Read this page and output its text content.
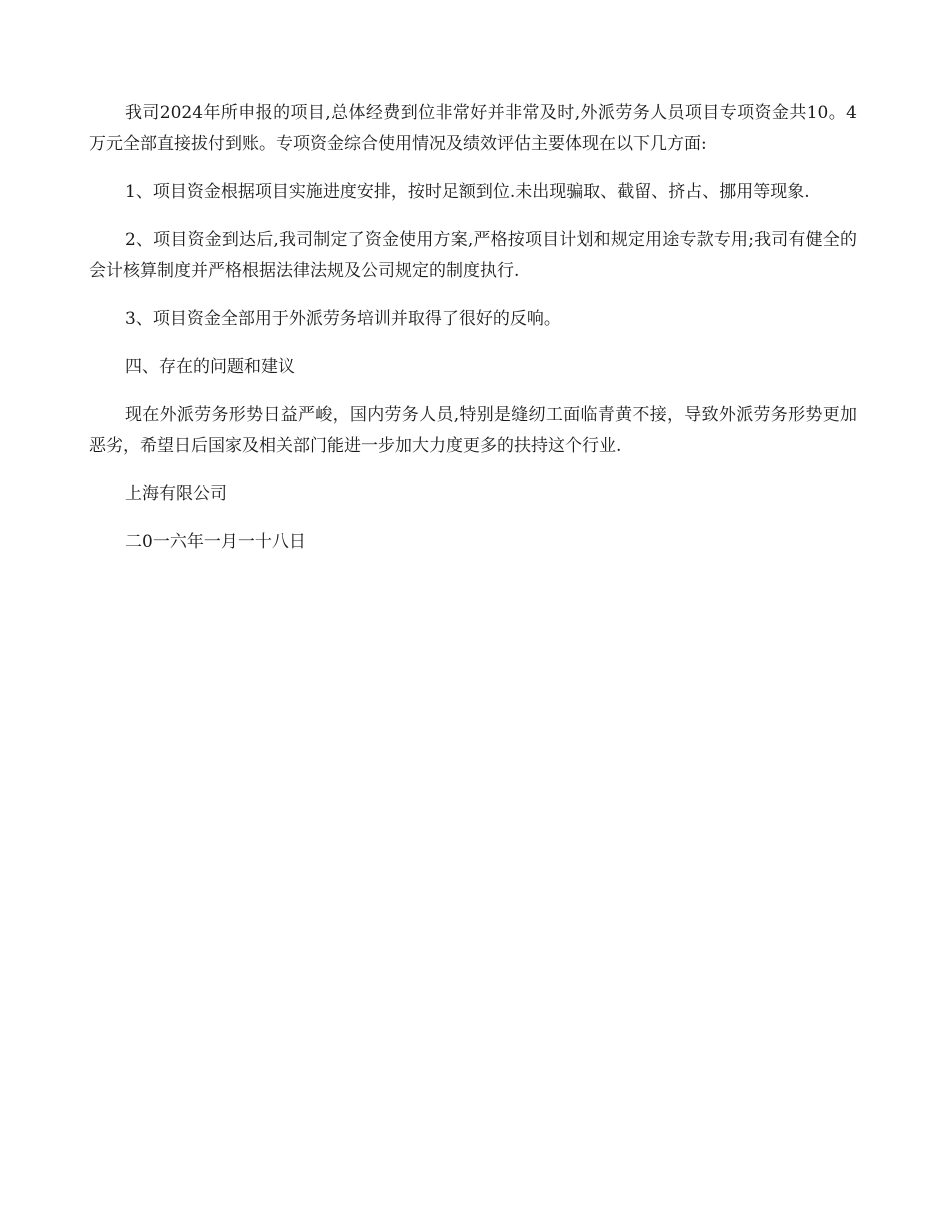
我司2024年所申报的项目,总体经费到位非常好并非常及时,外派劳务人员项目专项资金共10。4万元全部直接拔付到账。专项资金综合使用情况及绩效评估主要体现在以下几方面:

1、项目资金根据项目实施进度安排，按时足额到位.未出现骗取、截留、挤占、挪用等现象.

2、项目资金到达后,我司制定了资金使用方案,严格按项目计划和规定用途专款专用;我司有健全的会计核算制度并严格根据法律法规及公司规定的制度执行.

3、项目资金全部用于外派劳务培训并取得了很好的反响。

四、存在的问题和建议

现在外派劳务形势日益严峻，国内劳务人员,特别是缝纫工面临青黄不接，导致外派劳务形势更加恶劣，希望日后国家及相关部门能进一步加大力度更多的扶持这个行业.

上海有限公司

二0一六年一月一十八日
